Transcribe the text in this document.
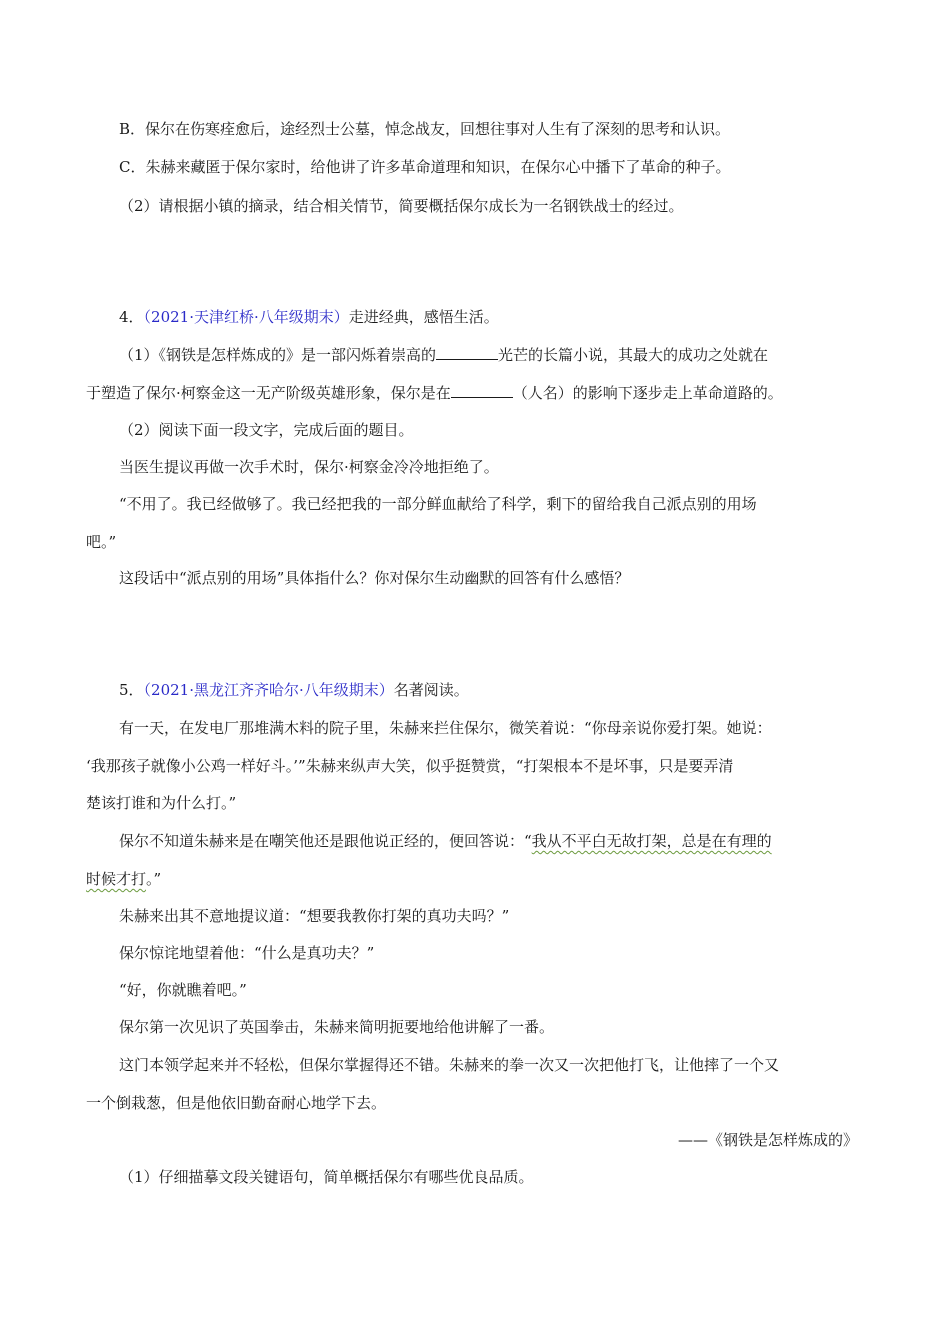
B．保尔在伤寒痊愈后，途经烈士公墓，悼念战友，回想往事对人生有了深刻的思考和认识。
C．朱赫来藏匿于保尔家时，给他讲了许多革命道理和知识，在保尔心中播下了革命的种子。
（2）请根据小镇的摘录，结合相关情节，简要概括保尔成长为一名钢铁战士的经过。
4．（2021·天津红桥·八年级期末）走进经典，感悟生活。
（1）《钢铁是怎样炼成的》是一部闪烁着崇高的	光芒的长篇小说，其最大的成功之处就在
于塑造了保尔·柯察金这一无产阶级英雄形象，保尔是在	（人名）的影响下逐步走上革命道路的。
（2）阅读下面一段文字，完成后面的题目。
当医生提议再做一次手术时，保尔·柯察金冷冷地拒绝了。
“不用了。我已经做够了。我已经把我的一部分鲜血献给了科学，剩下的留给我自己派点别的用场
吧。”
这段话中“派点别的用场”具体指什么？你对保尔生动幽默的回答有什么感悟？
5．（2021·黑龙江齐齐哈尔·八年级期末）名著阅读。
有一天，在发电厂那堆满木料的院子里，朱赫来拦住保尔，微笑着说：“你母亲说你爱打架。她说：
‘我那孩子就像小公鸡一样好斗。’”朱赫来纵声大笑，似乎挺赞赏，“打架根本不是坏事，只是要弄清
楚该打谁和为什么打。”
保尔不知道朱赫来是在嘲笑他还是跟他说正经的，便回答说：“我从不平白无故打架，总是在有理的
时候才打。”
朱赫来出其不意地提议道：“想要我教你打架的真功夫吗？”
保尔惊诧地望着他：“什么是真功夫？”
“好，你就瞧着吧。”
保尔第一次见识了英国拳击，朱赫来简明扼要地给他讲解了一番。
这门本领学起来并不轻松，但保尔掌握得还不错。朱赫来的拳一次又一次把他打飞，让他摔了一个又
一个倒栽葱，但是他依旧勤奋耐心地学下去。
——《钢铁是怎样炼成的》
（1）仔细描摹文段关键语句，简单概括保尔有哪些优良品质。
